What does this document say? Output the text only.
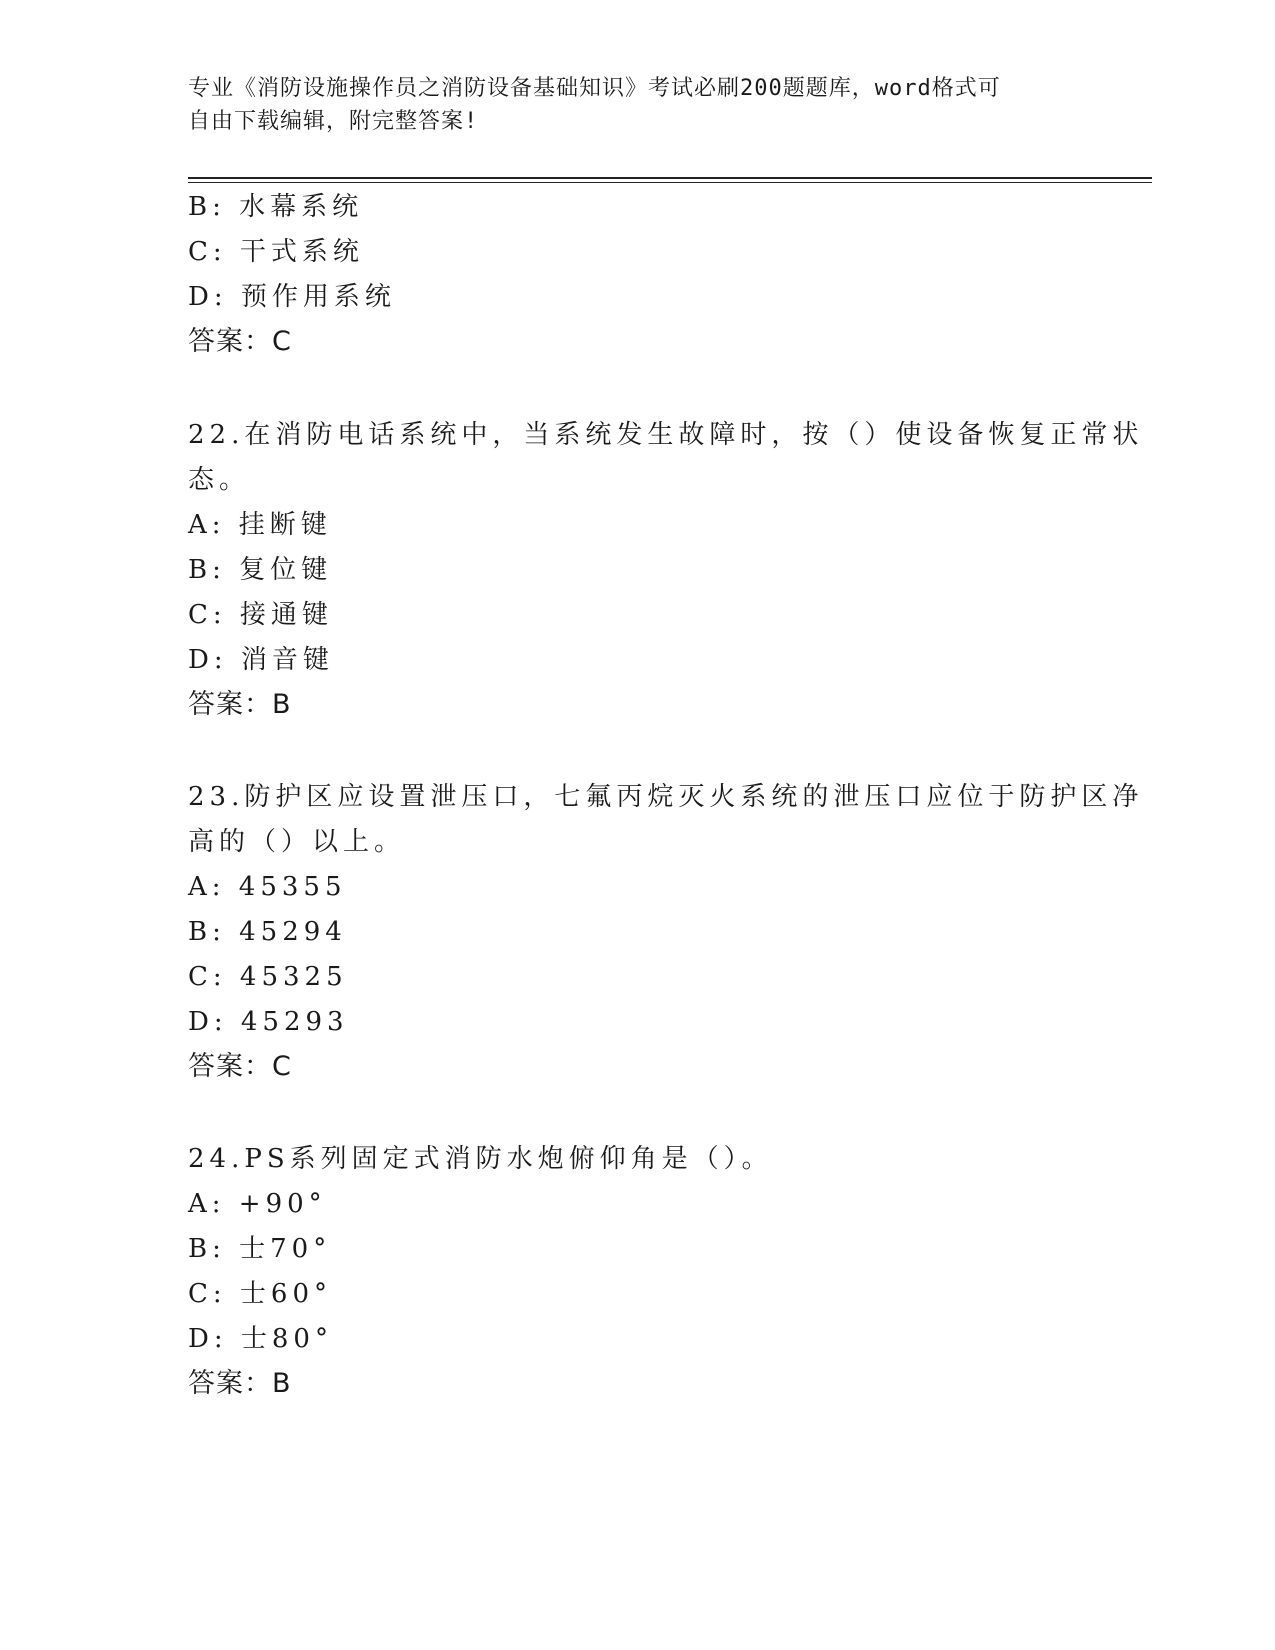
专业《消防设施操作员之消防设备基础知识》考试必刷200题题库，word格式可
自由下载编辑，附完整答案!

B: 水幕系统

C: 干式系统

D: 预作用系统

答案：C

22.在消防电话系统中，当系统发生故障时，按（）使设备恢复正常状

态。

A: 挂断键

B: 复位键

C: 接通键

D: 消音键

答案：B

23.防护区应设置泄压口，七氟丙烷灭火系统的泄压口应位于防护区净

高的（）以上。

A: 45355

B: 45294

C: 45325

D: 45293

答案：C

24.PS系列固定式消防水炮俯仰角是（）。

A: +90°

B: 士70°

C: 士60°

D: 士80°

答案：B
